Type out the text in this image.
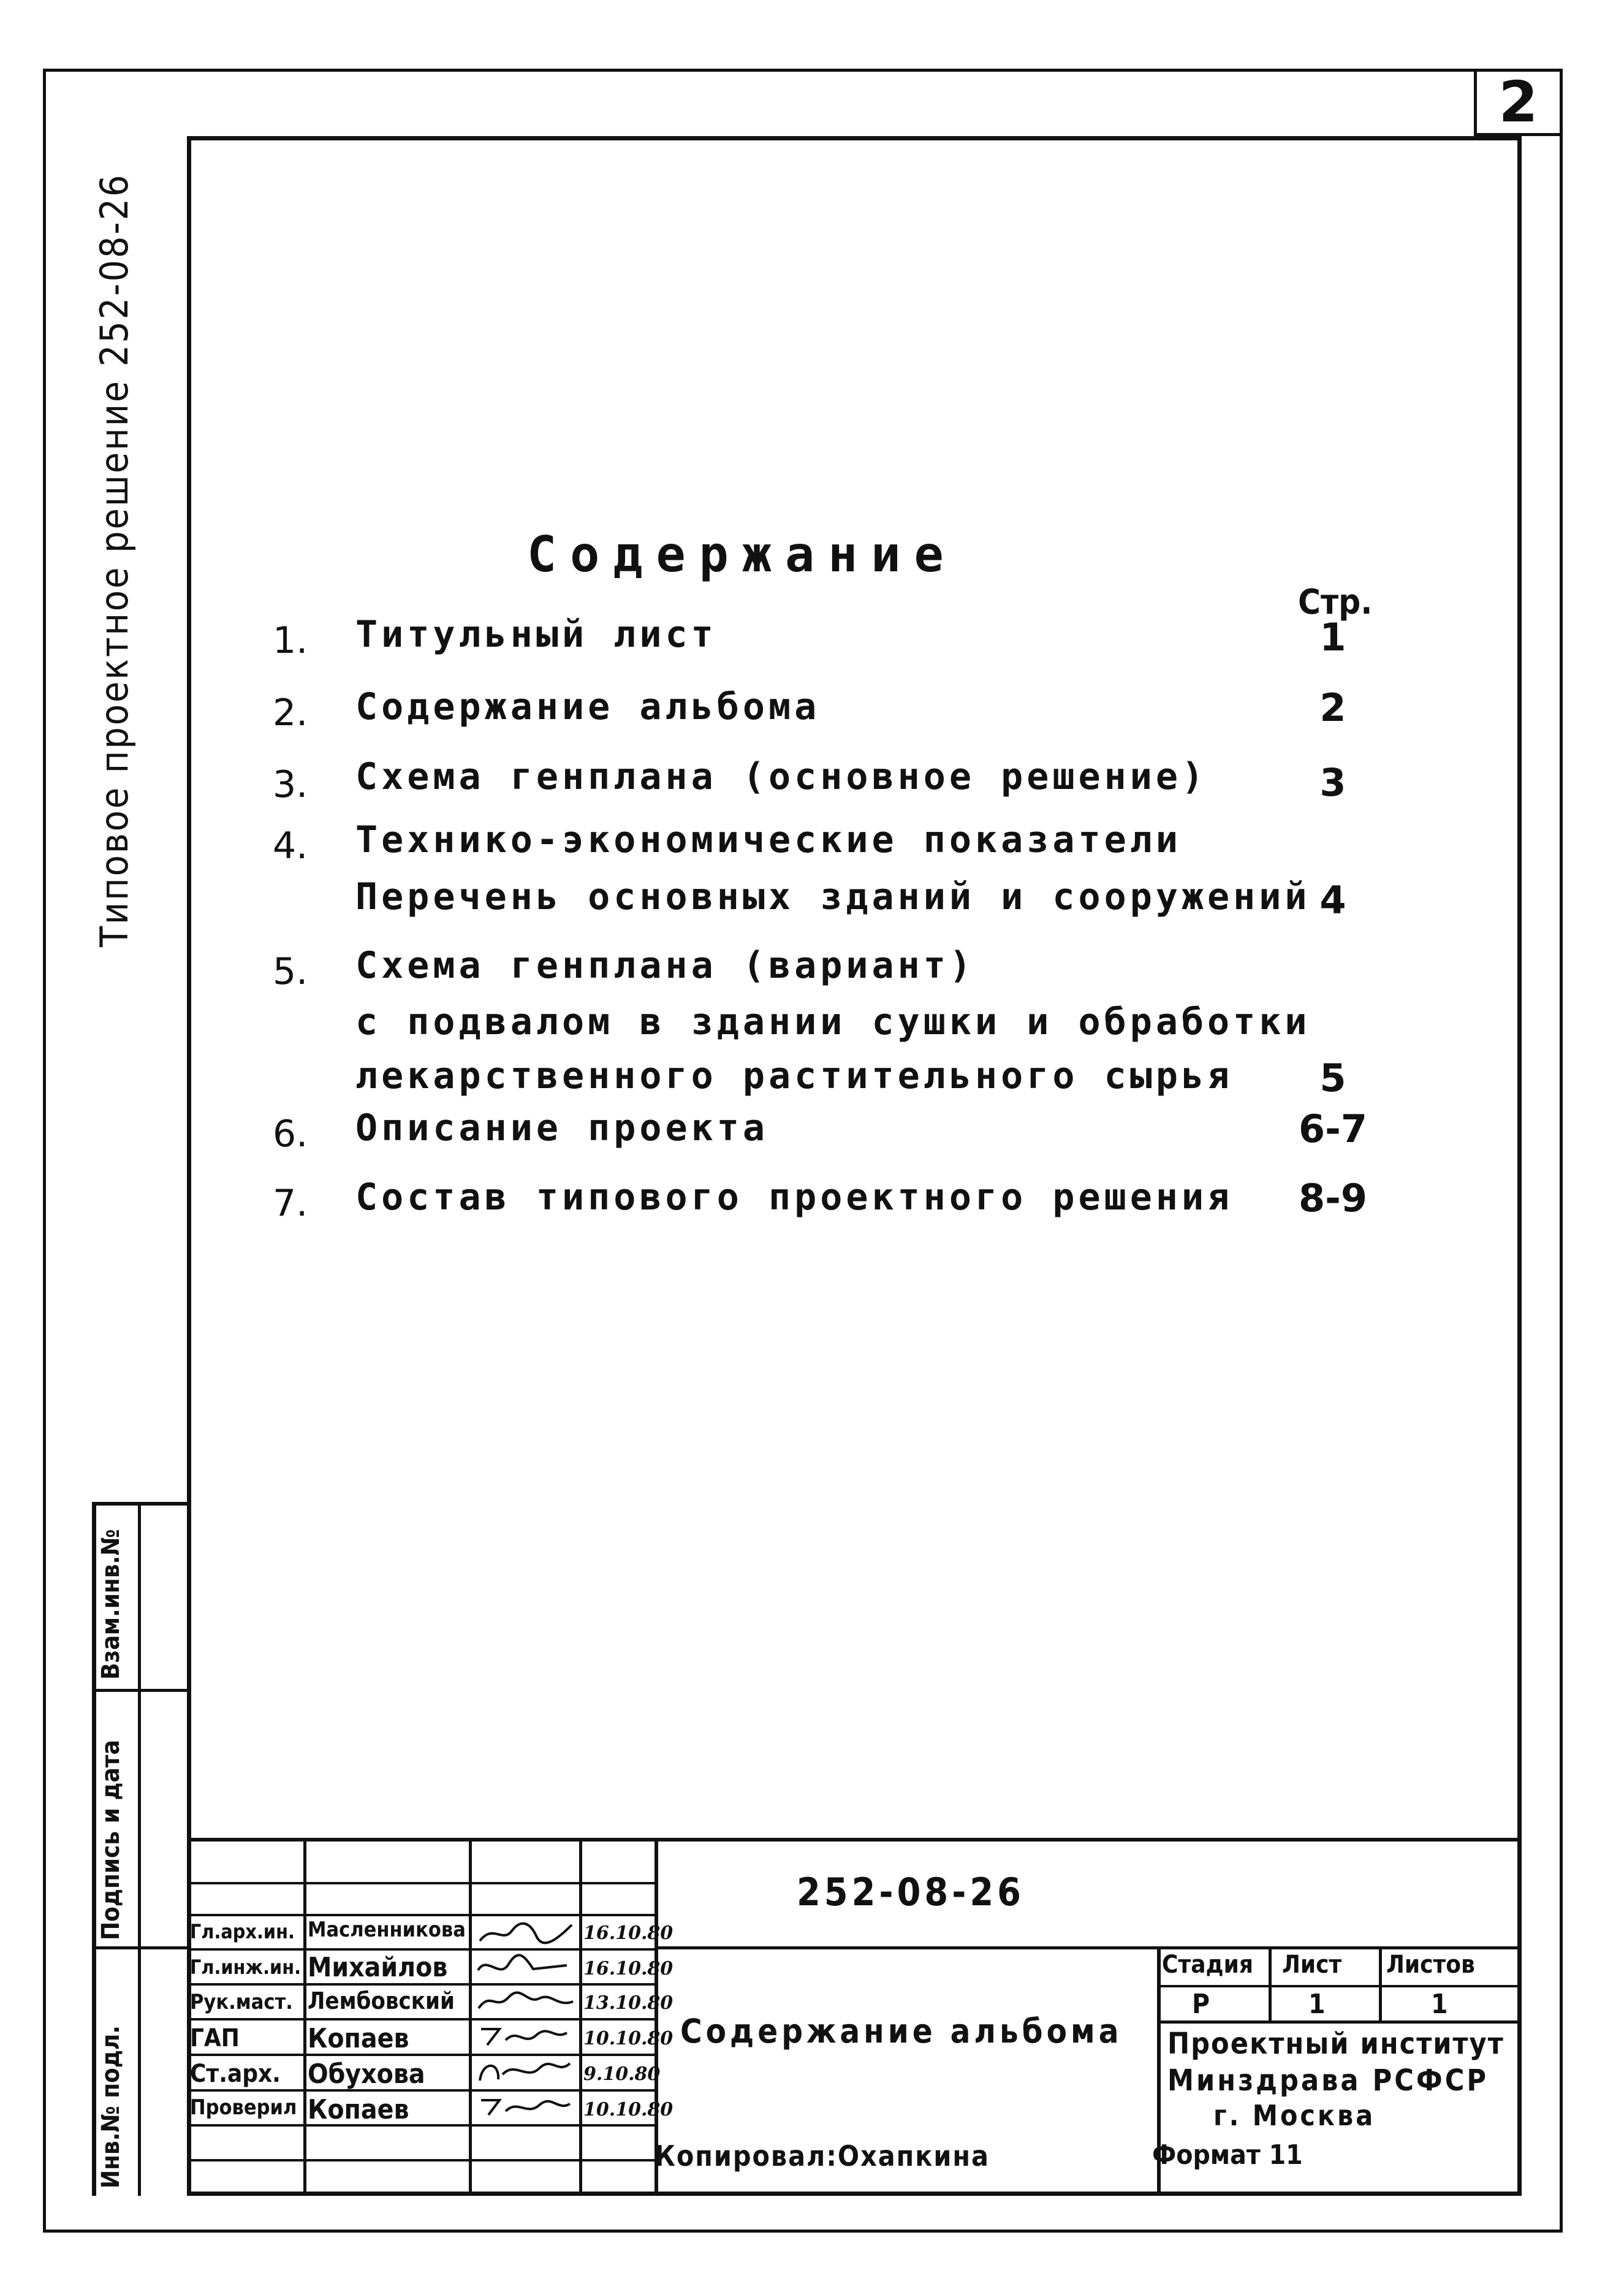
2
Типовое проектное решение 252-08-26	Содержание
Стр.
1. Титульный лист	1
2. Содержание альбома	2
3. Схема генплана (основное решение)	3
4. Технико-экономические показатели
Перечень основных зданий и сооружений 4
5. Схема генплана (вариант)
с подвалом в здании сушки и обработки
лекарственного растительного сырья	5
6. Описание проекта	6-7
7. Состав типового проектного решения 8-9
Взам.инв.№
Подпись и дата
Инв.№ подл.
252-08-26
Содержание альбома
Стадия Лист Листов
Р	1	1
Проектный институт
Минздрава РСФСР
г. Москва
Гл.арх.ин. Масленникова	16.10.80
Гл.инж.ин. Михайлов	16.10.80
Рук.маст. Лембовский	13.10.80
ГАП	Копаев	10.10.80
Ст.арх. Обухова	9.10.80
Проверил Копаев	10.10.80
Копировал:Охапкина	Формат 11
